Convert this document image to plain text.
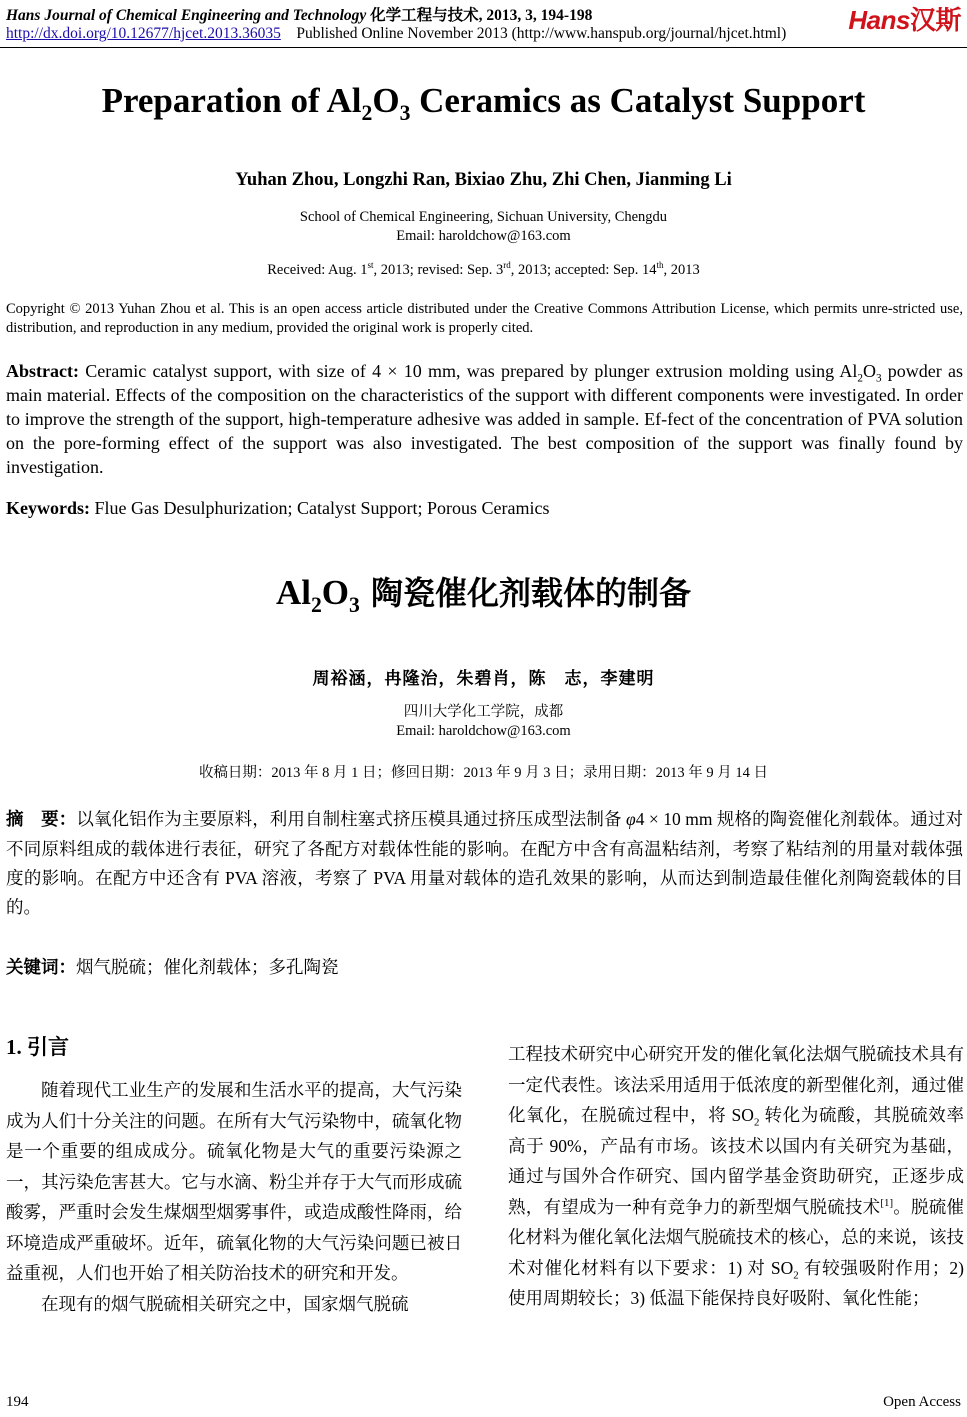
Hans Journal of Chemical Engineering and Technology 化学工程与技术, 2013, 3, 194-198	Hans汉斯
http://dx.doi.org/10.12677/hjcet.2013.36035 Published Online November 2013 (http://www.hanspub.org/journal/hjcet.html)
Preparation of $Al_2O_3$ Ceramics as Catalyst Support
Yuhan Zhou, Longzhi Ran, Bixiao Zhu, Zhi Chen, Jianming Li
School of Chemical Engineering, Sichuan University, Chengdu
Email: haroldchow@163.com
Received: Aug. 1st, 2013; revised: Sep. 3rd, 2013; accepted: Sep. 14th, 2013
Copyright © 2013 Yuhan Zhou et al. This is an open access article distributed under the Creative Commons Attribution License, which permits unre-stricted use, distribution, and reproduction in any medium, provided the original work is properly cited.
Abstract: Ceramic catalyst support, with size of 4 × 10 mm, was prepared by plunger extrusion molding using $Al_2O_3$ powder as main material. Effects of the composition on the characteristics of the support with different components were investigated. In order to improve the strength of the support, high-temperature adhesive was added in sample. Ef-fect of the concentration of PVA solution on the pore-forming effect of the support was also investigated. The best composition of the support was finally found by investigation.
Keywords: Flue Gas Desulphurization; Catalyst Support; Porous Ceramics
$Al_2O_3$ 陶瓷催化剂载体的制备
周裕涵，冉隆治，朱碧肖，陈　志，李建明
四川大学化工学院，成都
Email: haroldchow@163.com
收稿日期：2013 年 8 月 1 日；修回日期：2013 年 9 月 3 日；录用日期：2013 年 9 月 14 日
摘　要：以氧化铝作为主要原料，利用自制柱塞式挤压模具通过挤压成型法制备 φ4 × 10 mm 规格的陶瓷催化剂载体。通过对不同原料组成的载体进行表征，研究了各配方对载体性能的影响。在配方中含有高温粘结剂，考察了粘结剂的用量对载体强度的影响。在配方中还含有 PVA 溶液，考察了 PVA 用量对载体的造孔效果的影响，从而达到制造最佳催化剂陶瓷载体的目的。
关键词：烟气脱硫；催化剂载体；多孔陶瓷
1. 引言

随着现代工业生产的发展和生活水平的提高，大气污染成为人们十分关注的问题。在所有大气污染物中，硫氧化物是一个重要的组成成分。硫氧化物是大气的重要污染源之一，其污染危害甚大。它与水滴、粉尘并存于大气而形成硫酸雾，严重时会发生煤烟型烟雾事件，或造成酸性降雨，给环境造成严重破坏。近年，硫氧化物的大气污染问题已被日益重视，人们也开始了相关防治技术的研究和开发。

在现有的烟气脱硫相关研究之中，国家烟气脱硫

工程技术研究中心研究开发的催化氧化法烟气脱硫技术具有一定代表性。该法采用适用于低浓度的新型催化剂，通过催化氧化，在脱硫过程中，将 $SO_2$ 转化为硫酸，其脱硫效率高于 90%，产品有市场。该技术以国内有关研究为基础，通过与国外合作研究、国内留学基金资助研究，正逐步成熟，有望成为一种有竞争力的新型烟气脱硫技术[1]。脱硫催化材料为催化氧化法烟气脱硫技术的核心，总的来说，该技术对催化材料有以下要求：1) 对 $SO_2$ 有较强吸附作用；2) 使用周期较长；3) 低温下能保持良好吸附、氧化性能；

194	Open Access
